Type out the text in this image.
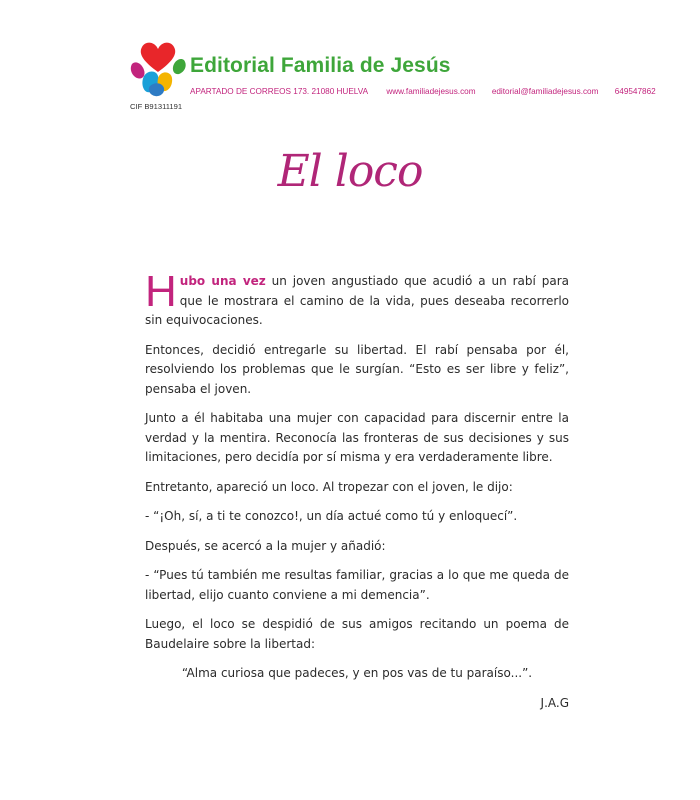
Editorial Familia de Jesús
APARTADO DE CORREOS 173. 21080 HUELVA www.familiadejesus.com editorial@familiadejesus.com 649547862
CIF B91311191
El loco

Hubo una vez un joven angustiado que acudió a un rabí para que le mostrara el camino de la vida, pues deseaba recorrerlo sin equivocaciones.

Entonces, decidió entregarle su libertad. El rabí pensaba por él, resolviendo los problemas que le surgían. “Esto es ser libre y feliz”, pensaba el joven.

Junto a él habitaba una mujer con capacidad para discernir entre la verdad y la mentira. Reconocía las fronteras de sus decisiones y sus limitaciones, pero decidía por sí misma y era verdaderamente libre.

Entretanto, apareció un loco. Al tropezar con el joven, le dijo:

- “¡Oh, sí, a ti te conozco!, un día actué como tú y enloquecí”.

Después, se acercó a la mujer y añadió:

- “Pues tú también me resultas familiar, gracias a lo que me queda de libertad, elijo cuanto conviene a mi demencia”.

Luego, el loco se despidió de sus amigos recitando un poema de Baudelaire sobre la libertad:

“Alma curiosa que padeces, y en pos vas de tu paraíso...”.

J.A.G
